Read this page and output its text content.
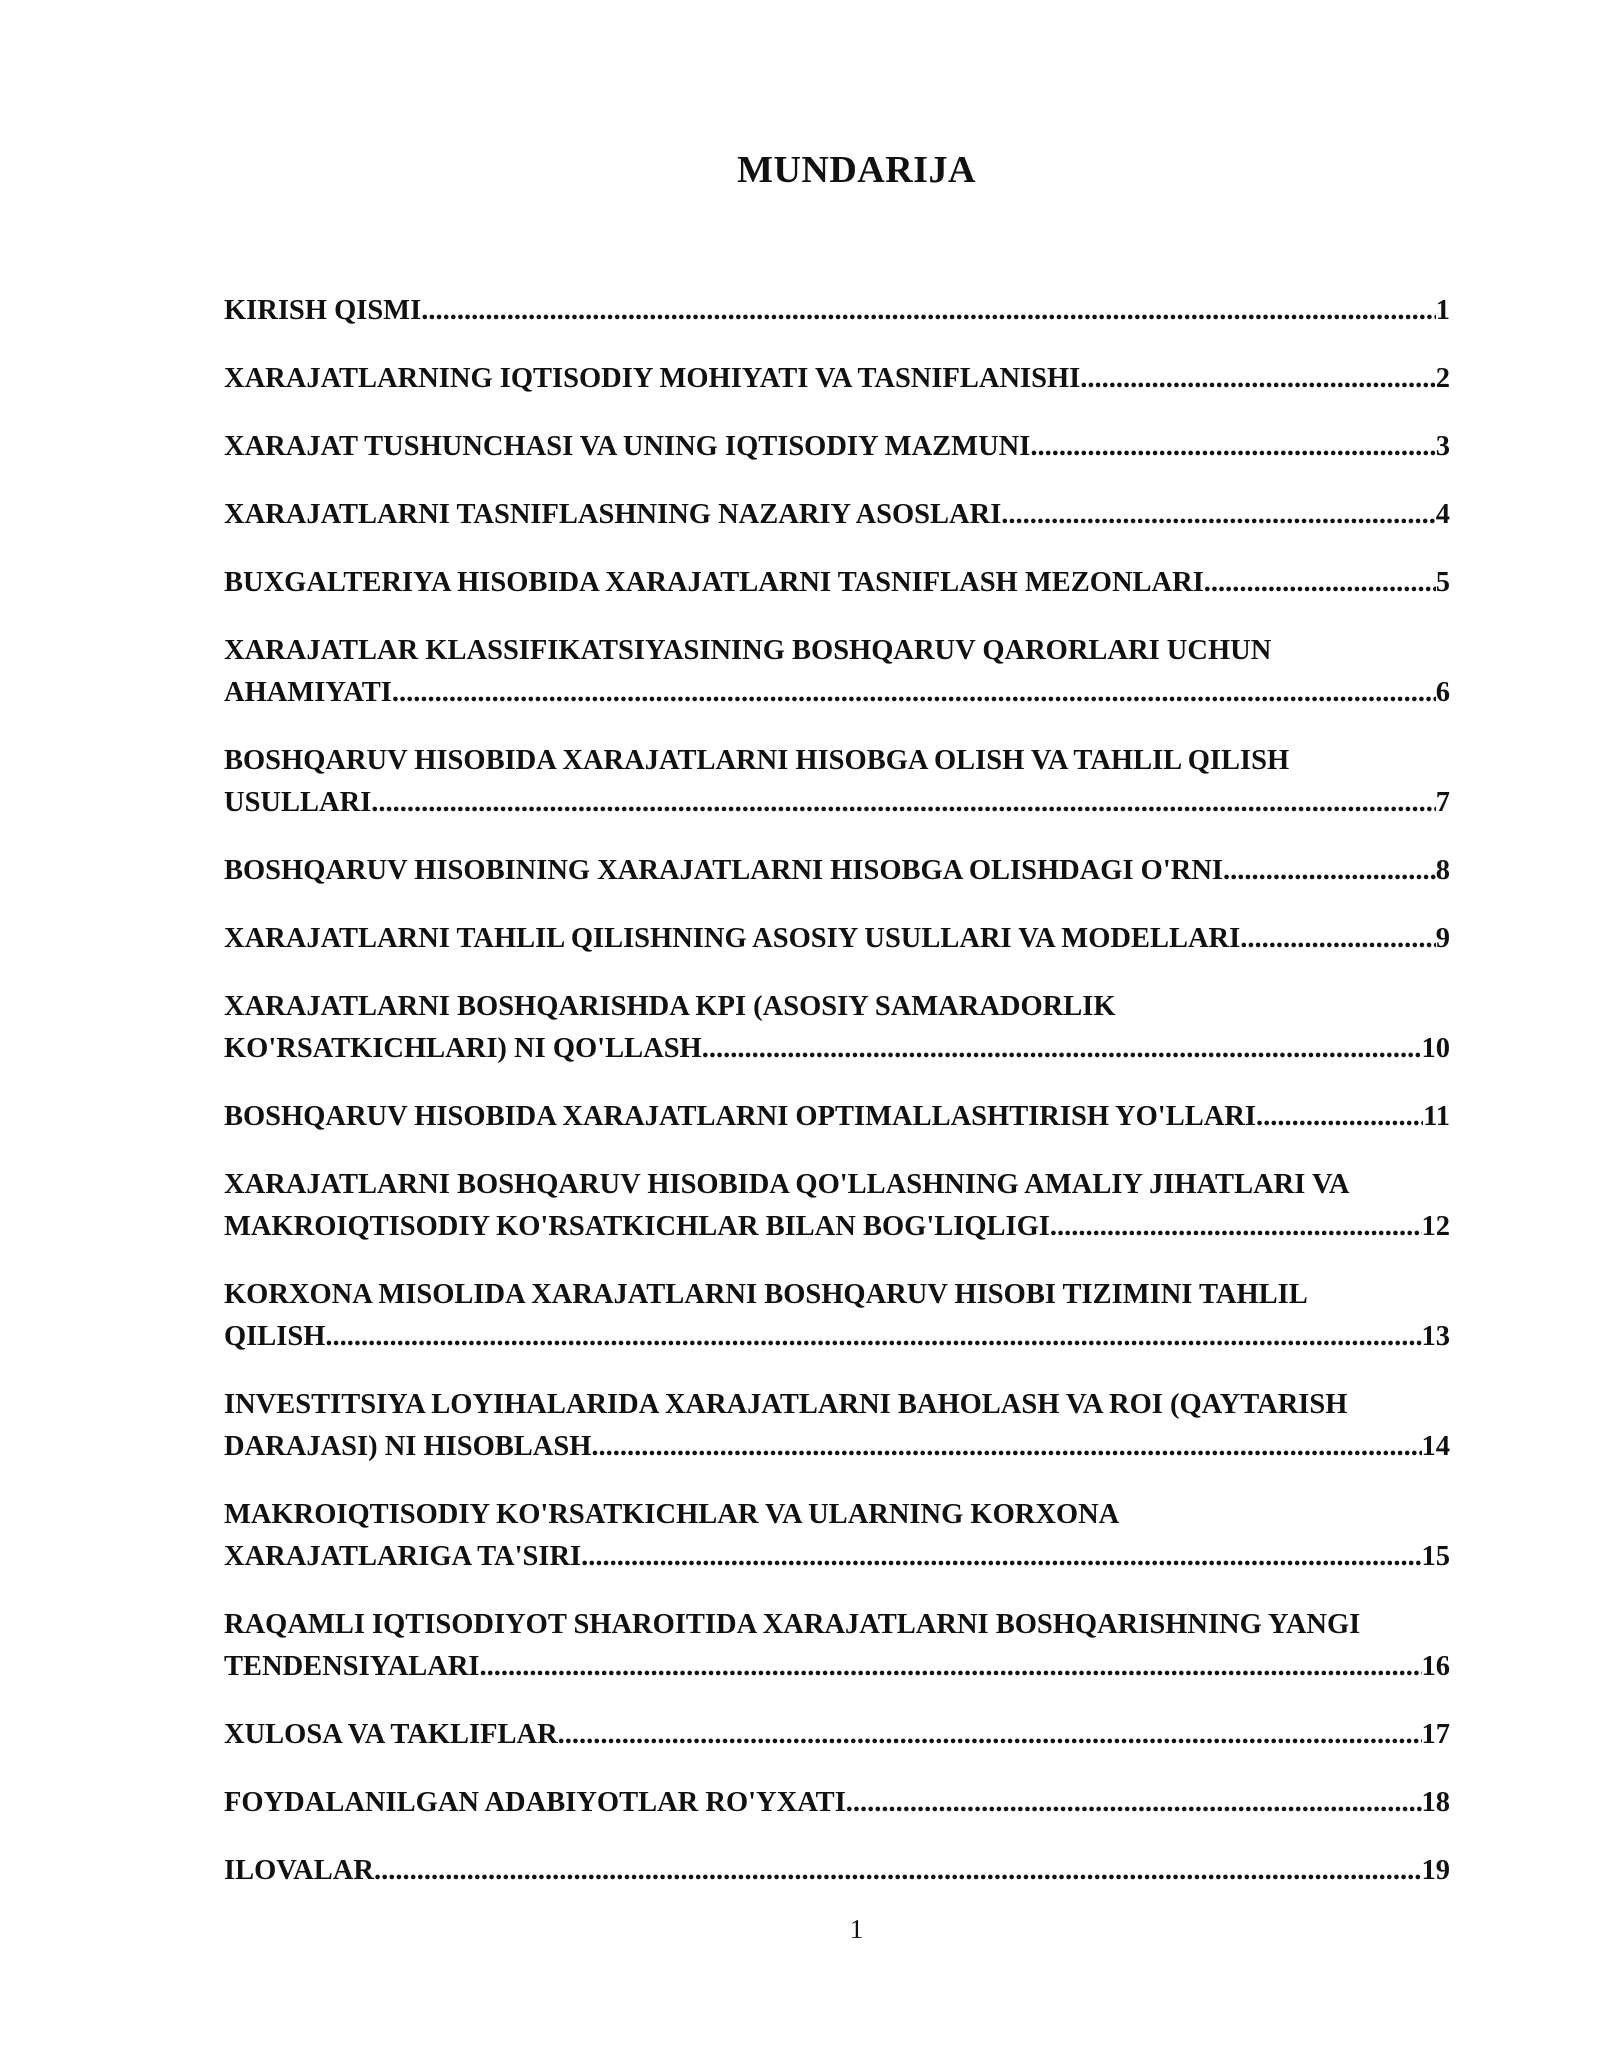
MUNDARIJA
KIRISH QISMI .....	1
XARAJATLARNING IQTISODIY MOHIYATI VA TASNIFLANISHI .....	2
XARAJAT TUSHUNCHASI VA UNING IQTISODIY MAZMUNI .....	3
XARAJATLARNI TASNIFLASHNING NAZARIY ASOSLARI .....	4
BUXGALTERIYA HISOBIDA XARAJATLARNI TASNIFLASH MEZONLARI .....	5
XARAJATLAR KLASSIFIKATSIYASINING BOSHQARUV QARORLARI UCHUN
AHAMIYATI .....	6
BOSHQARUV HISOBIDA XARAJATLARNI HISOBGA OLISH VA TAHLIL QILISH
USULLARI .....	7
BOSHQARUV HISOBINING XARAJATLARNI HISOBGA OLISHDAGI O'RNI .....	8
XARAJATLARNI TAHLIL QILISHNING ASOSIY USULLARI VA MODELLARI .....	9
XARAJATLARNI BOSHQARISHDA KPI (ASOSIY SAMARADORLIK
KO'RSATKICHLARI) NI QO'LLASH .....	10
BOSHQARUV HISOBIDA XARAJATLARNI OPTIMALLASHTIRISH YO'LLARI .....	11
XARAJATLARNI BOSHQARUV HISOBIDA QO'LLASHNING AMALIY JIHATLARI VA
MAKROIQTISODIY KO'RSATKICHLAR BILAN BOG'LIQLIGI .....	12
KORXONA MISOLIDA XARAJATLARNI BOSHQARUV HISOBI TIZIMINI TAHLIL
QILISH .....	13
INVESTITSIYA LOYIHALARIDA XARAJATLARNI BAHOLASH VA ROI (QAYTARISH
DARAJASI) NI HISOBLASH .....	14
MAKROIQTISODIY KO'RSATKICHLAR VA ULARNING KORXONA
XARAJATLARIGA TA'SIRI .....	15
RAQAMLI IQTISODIYOT SHAROITIDA XARAJATLARNI BOSHQARISHNING YANGI
TENDENSIYALARI .....	16
XULOSA VA TAKLIFLAR .....	17
FOYDALANILGAN ADABIYOTLAR RO'YXATI .....	18
ILOVALAR .....	19
1
